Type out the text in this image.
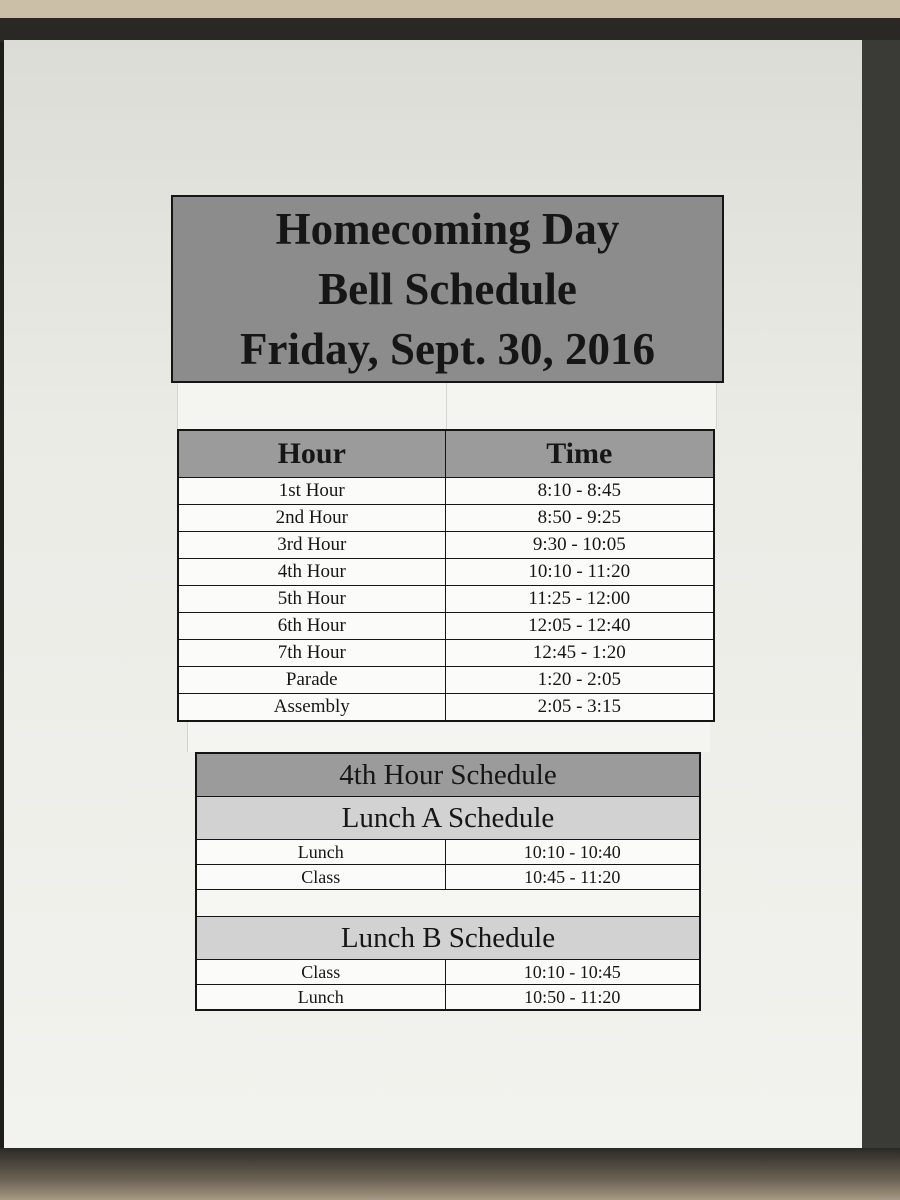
Homecoming Day
Bell Schedule
Friday, Sept. 30, 2016
Hour	Time
1st Hour	8:10 - 8:45
2nd Hour	8:50 - 9:25
3rd Hour	9:30 - 10:05
4th Hour	10:10 - 11:20
5th Hour	11:25 - 12:00
6th Hour	12:05 - 12:40
7th Hour	12:45 - 1:20
Parade	1:20 - 2:05
Assembly	2:05 - 3:15
4th Hour Schedule	
Lunch A Schedule	
Lunch	10:10 - 10:40
Class	10:45 - 11:20

Lunch B Schedule	
Class	10:10 - 10:45
Lunch	10:50 - 11:20
